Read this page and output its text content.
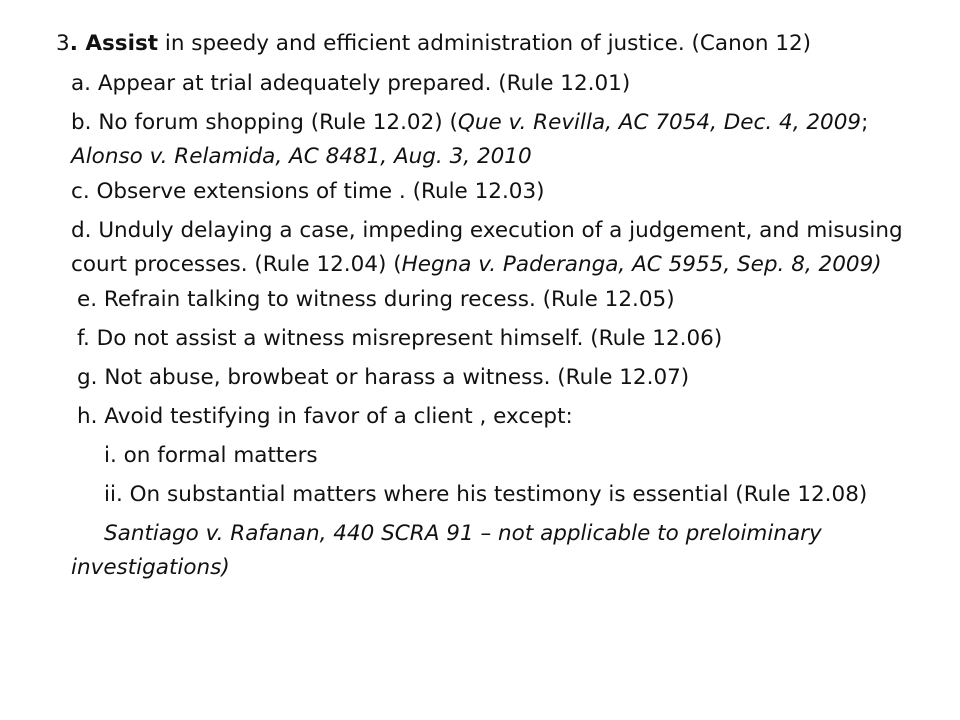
3. Assist in speedy and efficient administration of justice. (Canon 12)

a. Appear at trial adequately prepared. (Rule 12.01)

b. No forum shopping (Rule 12.02) (Que v. Revilla, AC 7054, Dec. 4, 2009; Alonso v. Relamida, AC 8481, Aug. 3, 2010

c. Observe extensions of time . (Rule 12.03)

d. Unduly delaying a case, impeding execution of a judgement, and misusing court processes. (Rule 12.04) (Hegna v. Paderanga, AC 5955, Sep. 8, 2009)

e. Refrain talking to witness during recess. (Rule 12.05)

f. Do not assist a witness misrepresent himself. (Rule 12.06)

g. Not abuse, browbeat or harass a witness. (Rule 12.07)

h. Avoid testifying in favor of a client , except:

i. on formal matters

ii. On substantial matters where his testimony is essential (Rule 12.08)

Santiago v. Rafanan, 440 SCRA 91 – not applicable to preloiminary investigations)
